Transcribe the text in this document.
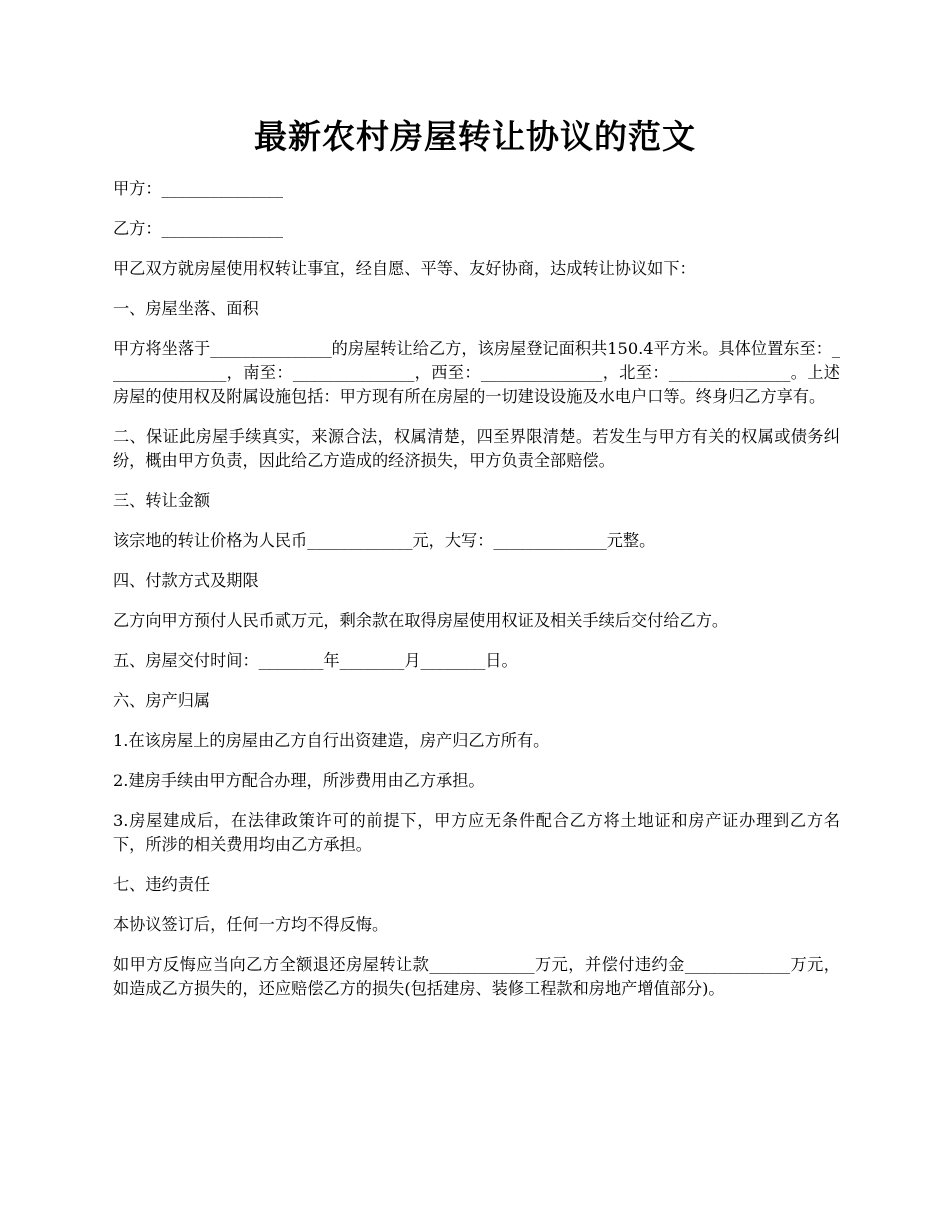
最新农村房屋转让协议的范文

甲方：_______________

乙方：_______________

甲乙双方就房屋使用权转让事宜，经自愿、平等、友好协商，达成转让协议如下：

一、房屋坐落、面积

甲方将坐落于_______________的房屋转让给乙方，该房屋登记面积共150.4平方米。具体位置东至：_______________，南至：_______________，西至：_______________，北至：_______________。上述房屋的使用权及附属设施包括：甲方现有所在房屋的一切建设设施及水电户口等。终身归乙方享有。

二、保证此房屋手续真实，来源合法，权属清楚，四至界限清楚。若发生与甲方有关的权属或债务纠纷，概由甲方负责，因此给乙方造成的经济损失，甲方负责全部赔偿。

三、转让金额

该宗地的转让价格为人民币_____________元，大写：______________元整。

四、付款方式及期限

乙方向甲方预付人民币贰万元，剩余款在取得房屋使用权证及相关手续后交付给乙方。

五、房屋交付时间：________年________月________日。

六、房产归属

1.在该房屋上的房屋由乙方自行出资建造，房产归乙方所有。

2.建房手续由甲方配合办理，所涉费用由乙方承担。

3.房屋建成后，在法律政策许可的前提下，甲方应无条件配合乙方将土地证和房产证办理到乙方名下，所涉的相关费用均由乙方承担。

七、违约责任

本协议签订后，任何一方均不得反悔。

如甲方反悔应当向乙方全额退还房屋转让款_____________万元，并偿付违约金_____________万元，如造成乙方损失的，还应赔偿乙方的损失(包括建房、装修工程款和房地产增值部分)。
